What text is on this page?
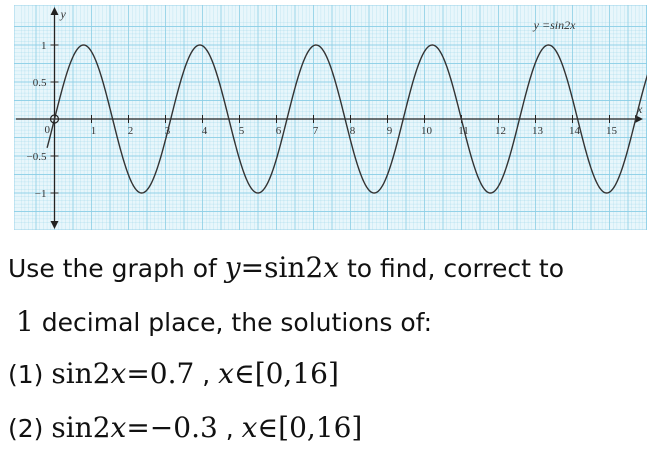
1	2	3	4	5	6	7	8	9	10 11 12 13 14 15
1
0.5
−0.5
−1
0
x
y
y =sin2x
Use the graph of y=sin2x to find, correct to
1 decimal place, the solutions of:
(1) sin2x=0.7 , x∈[0,16]
(2) sin2x=−0.3 , x∈[0,16]
